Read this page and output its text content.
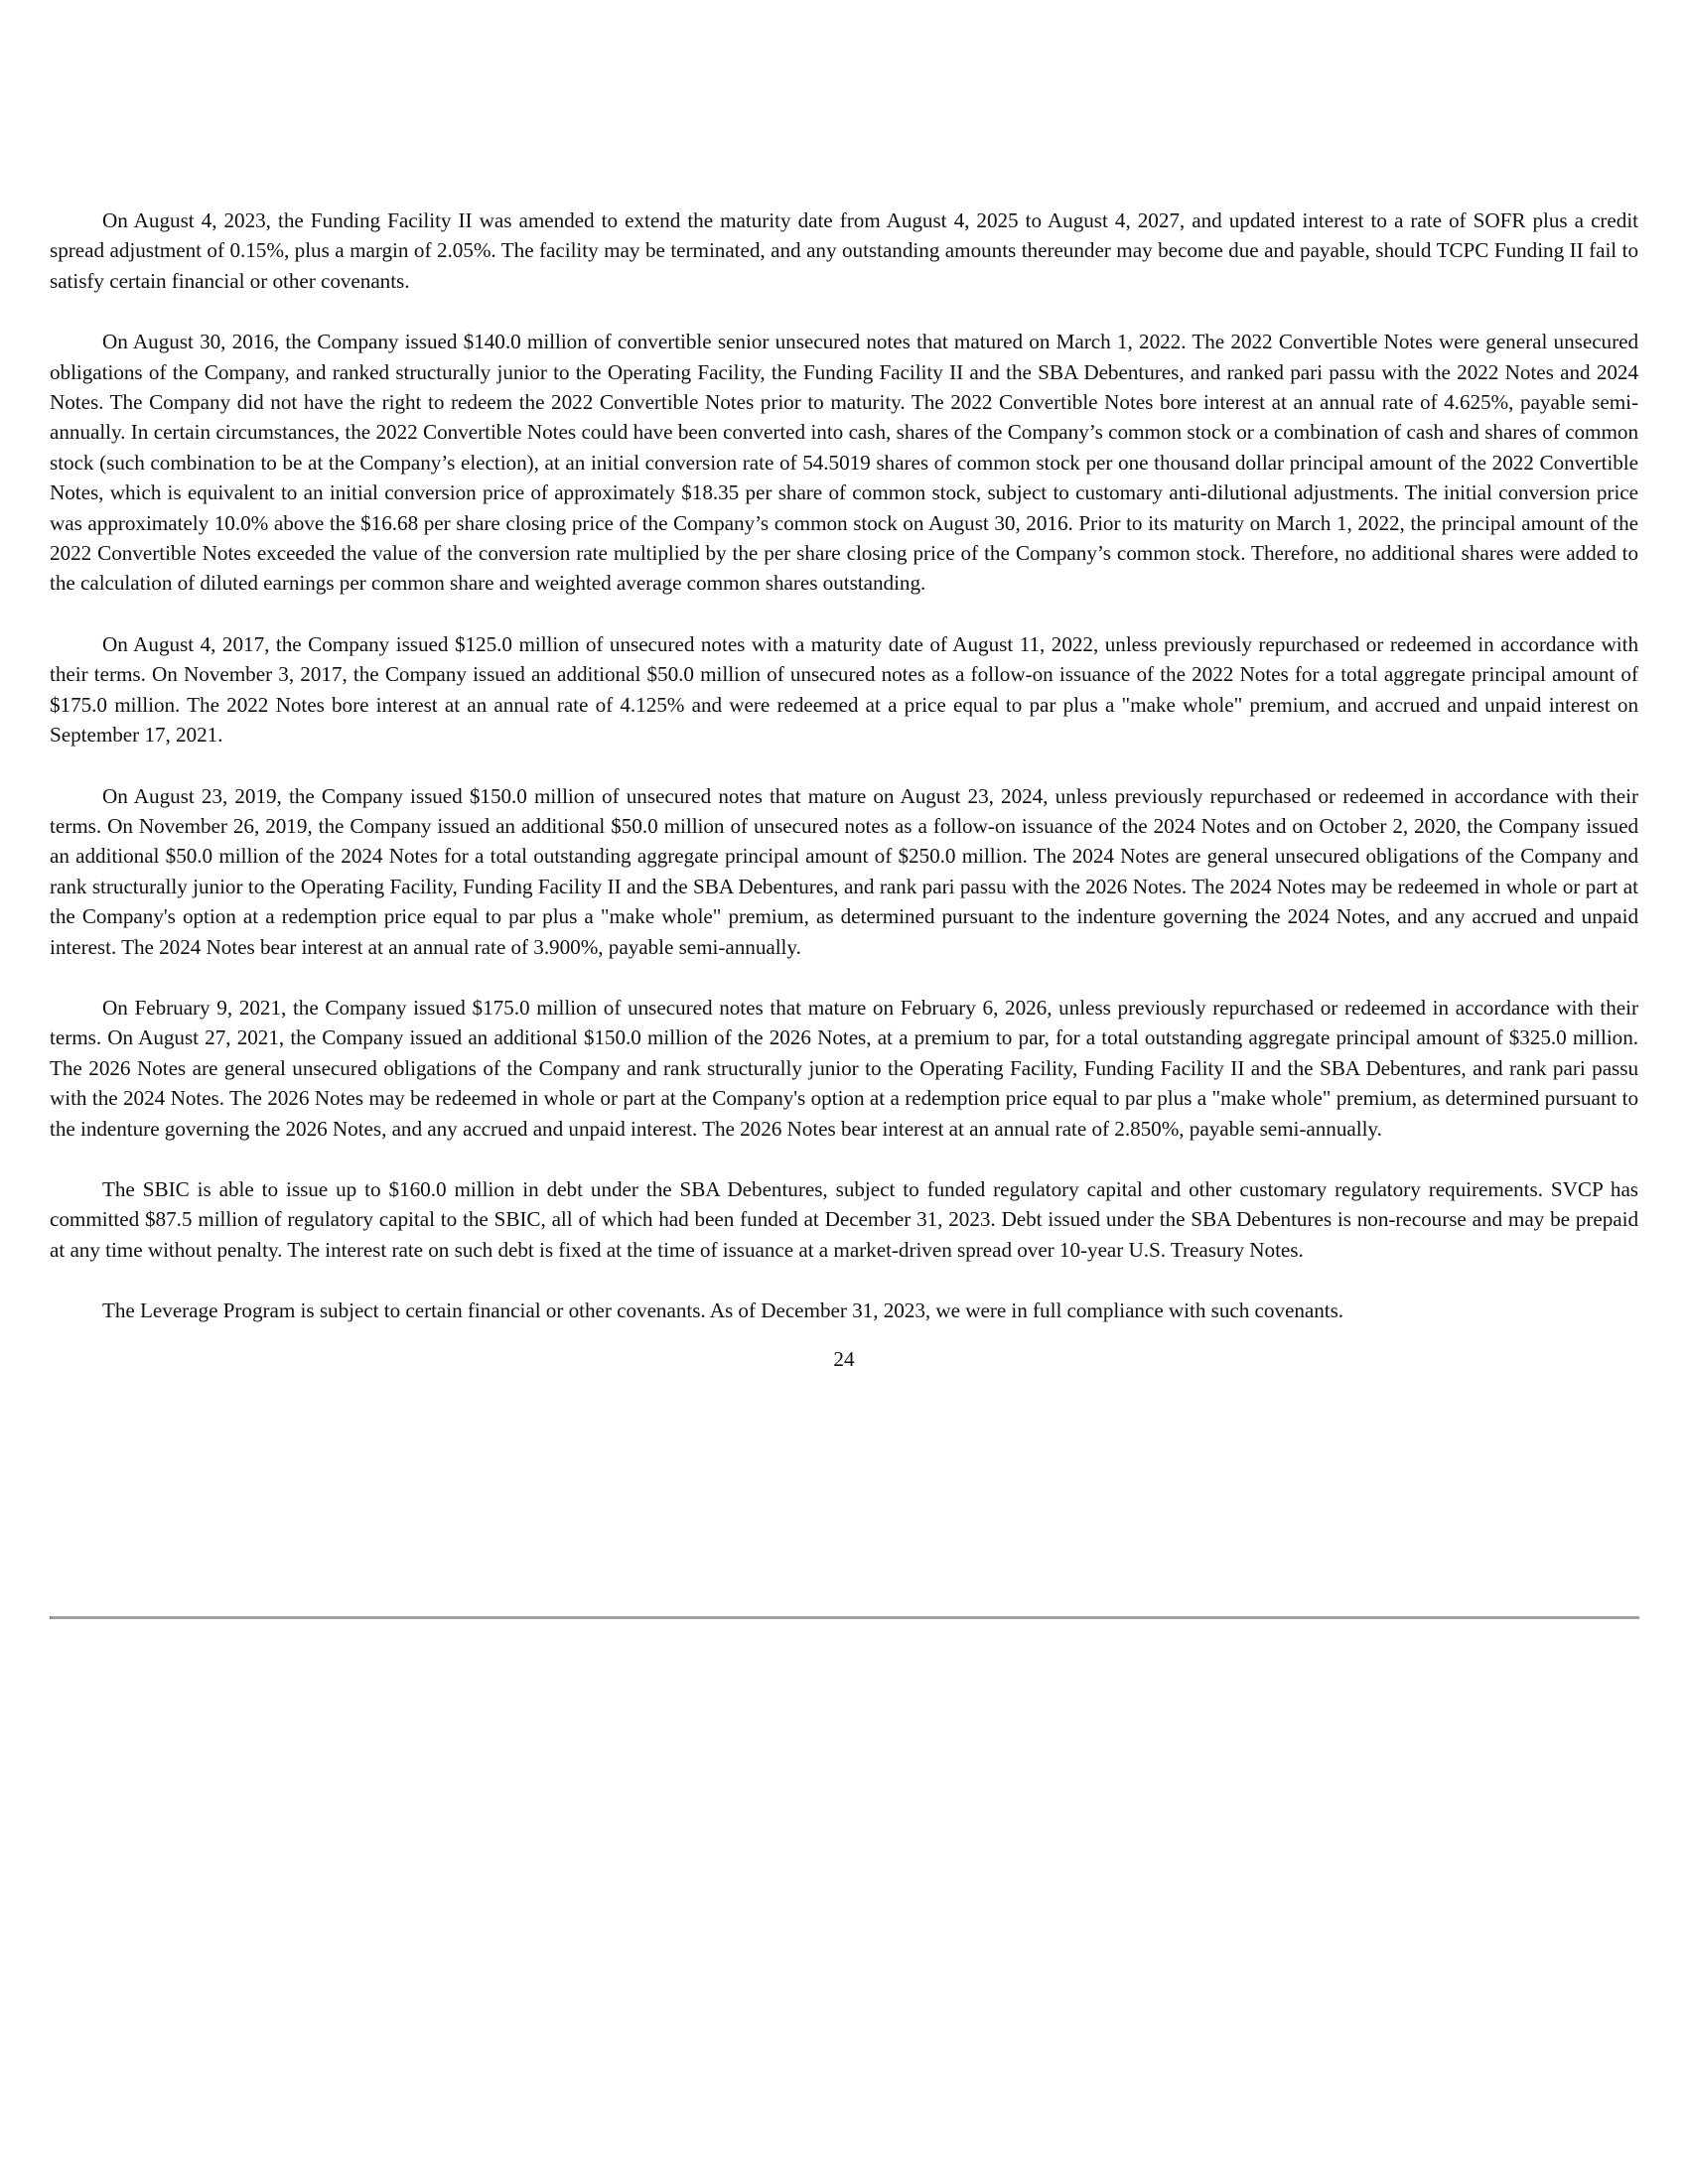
On August 4, 2023, the Funding Facility II was amended to extend the maturity date from August 4, 2025 to August 4, 2027, and updated interest to a rate of SOFR plus a credit spread adjustment of 0.15%, plus a margin of 2.05%. The facility may be terminated, and any outstanding amounts thereunder may become due and payable, should TCPC Funding II fail to satisfy certain financial or other covenants.

On August 30, 2016, the Company issued $140.0 million of convertible senior unsecured notes that matured on March 1, 2022. The 2022 Convertible Notes were general unsecured obligations of the Company, and ranked structurally junior to the Operating Facility, the Funding Facility II and the SBA Debentures, and ranked pari passu with the 2022 Notes and 2024 Notes. The Company did not have the right to redeem the 2022 Convertible Notes prior to maturity. The 2022 Convertible Notes bore interest at an annual rate of 4.625%, payable semi-annually. In certain circumstances, the 2022 Convertible Notes could have been converted into cash, shares of the Company’s common stock or a combination of cash and shares of common stock (such combination to be at the Company’s election), at an initial conversion rate of 54.5019 shares of common stock per one thousand dollar principal amount of the 2022 Convertible Notes, which is equivalent to an initial conversion price of approximately $18.35 per share of common stock, subject to customary anti-dilutional adjustments. The initial conversion price was approximately 10.0% above the $16.68 per share closing price of the Company’s common stock on August 30, 2016. Prior to its maturity on March 1, 2022, the principal amount of the 2022 Convertible Notes exceeded the value of the conversion rate multiplied by the per share closing price of the Company’s common stock. Therefore, no additional shares were added to the calculation of diluted earnings per common share and weighted average common shares outstanding.

On August 4, 2017, the Company issued $125.0 million of unsecured notes with a maturity date of August 11, 2022, unless previously repurchased or redeemed in accordance with their terms. On November 3, 2017, the Company issued an additional $50.0 million of unsecured notes as a follow-on issuance of the 2022 Notes for a total aggregate principal amount of $175.0 million. The 2022 Notes bore interest at an annual rate of 4.125% and were redeemed at a price equal to par plus a "make whole" premium, and accrued and unpaid interest on September 17, 2021.

On August 23, 2019, the Company issued $150.0 million of unsecured notes that mature on August 23, 2024, unless previously repurchased or redeemed in accordance with their terms. On November 26, 2019, the Company issued an additional $50.0 million of unsecured notes as a follow-on issuance of the 2024 Notes and on October 2, 2020, the Company issued an additional $50.0 million of the 2024 Notes for a total outstanding aggregate principal amount of $250.0 million. The 2024 Notes are general unsecured obligations of the Company and rank structurally junior to the Operating Facility, Funding Facility II and the SBA Debentures, and rank pari passu with the 2026 Notes. The 2024 Notes may be redeemed in whole or part at the Company's option at a redemption price equal to par plus a "make whole" premium, as determined pursuant to the indenture governing the 2024 Notes, and any accrued and unpaid interest. The 2024 Notes bear interest at an annual rate of 3.900%, payable semi-annually.

On February 9, 2021, the Company issued $175.0 million of unsecured notes that mature on February 6, 2026, unless previously repurchased or redeemed in accordance with their terms. On August 27, 2021, the Company issued an additional $150.0 million of the 2026 Notes, at a premium to par, for a total outstanding aggregate principal amount of $325.0 million. The 2026 Notes are general unsecured obligations of the Company and rank structurally junior to the Operating Facility, Funding Facility II and the SBA Debentures, and rank pari passu with the 2024 Notes. The 2026 Notes may be redeemed in whole or part at the Company's option at a redemption price equal to par plus a "make whole" premium, as determined pursuant to the indenture governing the 2026 Notes, and any accrued and unpaid interest. The 2026 Notes bear interest at an annual rate of 2.850%, payable semi-annually.

The SBIC is able to issue up to $160.0 million in debt under the SBA Debentures, subject to funded regulatory capital and other customary regulatory requirements. SVCP has committed $87.5 million of regulatory capital to the SBIC, all of which had been funded at December 31, 2023. Debt issued under the SBA Debentures is non-recourse and may be prepaid at any time without penalty. The interest rate on such debt is fixed at the time of issuance at a market-driven spread over 10-year U.S. Treasury Notes.

The Leverage Program is subject to certain financial or other covenants. As of December 31, 2023, we were in full compliance with such covenants.

24
